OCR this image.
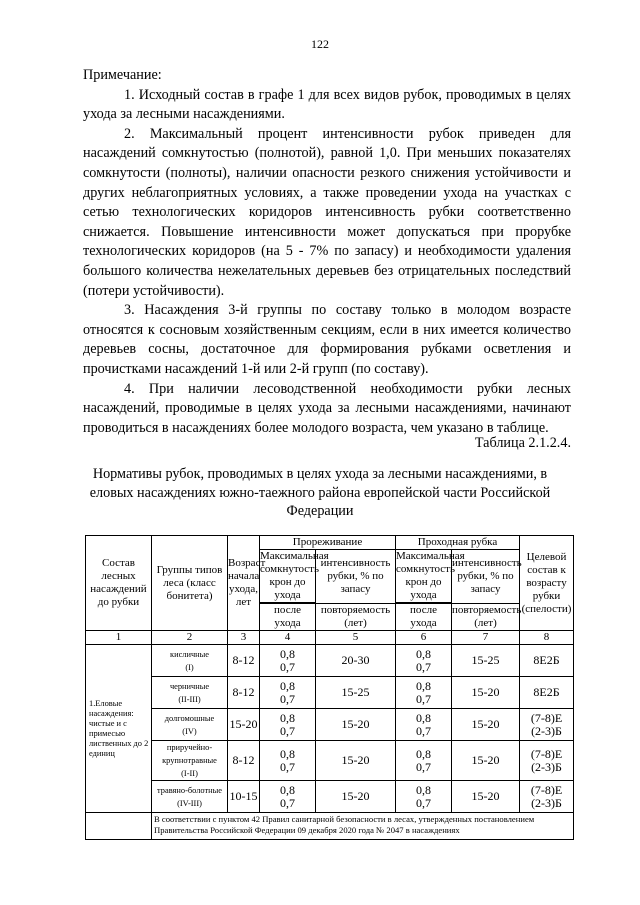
122
Примечание:

1. Исходный состав в графе 1 для всех видов рубок, проводимых в целях ухода за лесными насаждениями.

2. Максимальный процент интенсивности рубок приведен для насаждений сомкнутостью (полнотой), равной 1,0. При меньших показателях сомкнутости (полноты), наличии опасности резкого снижения устойчивости и других неблагоприятных условиях, а также проведении ухода на участках с сетью технологических коридоров интенсивность рубки соответственно снижается. Повышение интенсивности может допускаться при прорубке технологических коридоров (на 5 - 7% по запасу) и необходимости удаления большого количества нежелательных деревьев без отрицательных последствий (потери устойчивости).

3. Насаждения 3-й группы по составу только в молодом возрасте относятся к сосновым хозяйственным секциям, если в них имеется количество деревьев сосны, достаточное для формирования рубками осветления и прочистками насаждений 1-й или 2-й групп (по составу).

4. При наличии лесоводственной необходимости рубки лесных насаждений, проводимые в целях ухода за лесными насаждениями, начинают проводиться в насаждениях более молодого возраста, чем указано в таблице.

Таблица 2.1.2.4.
Нормативы рубок, проводимых в целях ухода за лесными насаждениями, в еловых насаждениях южно-таежного района европейской части Российской Федерации
Состав лесных насаждений до рубки	Группы типов леса (класс бонитета)	Возраст начала ухода, лет	Прореживание		Проходная рубка		Целевой состав к возрасту рубки (спелости)
			Максимальная сомкнутость крон до ухода	интенсивность рубки, % по запасу	Максимальная сомкнутость крон до ухода	интенсивность рубки, % по запасу	

			после ухода	повторяемость (лет)	после ухода	повторяемость (лет)	
1	2	3	4	5	6	7	8
1.Еловые насаждения: чистые и с примесью лиственных до 2 единиц	кисличные
(I)	8-12	0,8
0,7	20-30	0,8
0,7	15-25	8Е2Б

	черничные
(II-III)	8-12	0,8
0,7	15-25	0,8
0,7	15-20	8Е2Б

	долгомошные
(IV)	15-20	0,8
0,7	15-20	0,8
0,7	15-20	(7-8)Е
(2-3)Б

	приручейно-крупнотравные
(I-II)	8-12	0,8
0,7	15-20	0,8
0,7	15-20	(7-8)Е
(2-3)Б

	травяно-болотные
(IV-III)	10-15	0,8
0,7	15-20	0,8
0,7	15-20	(7-8)Е
(2-3)Б

	В соответствии с пунктом 42 Правил санитарной безопасности в лесах, утвержденных постановлением Правительства Российской Федерации 09 декабря 2020 года № 2047 в насаждениях						
